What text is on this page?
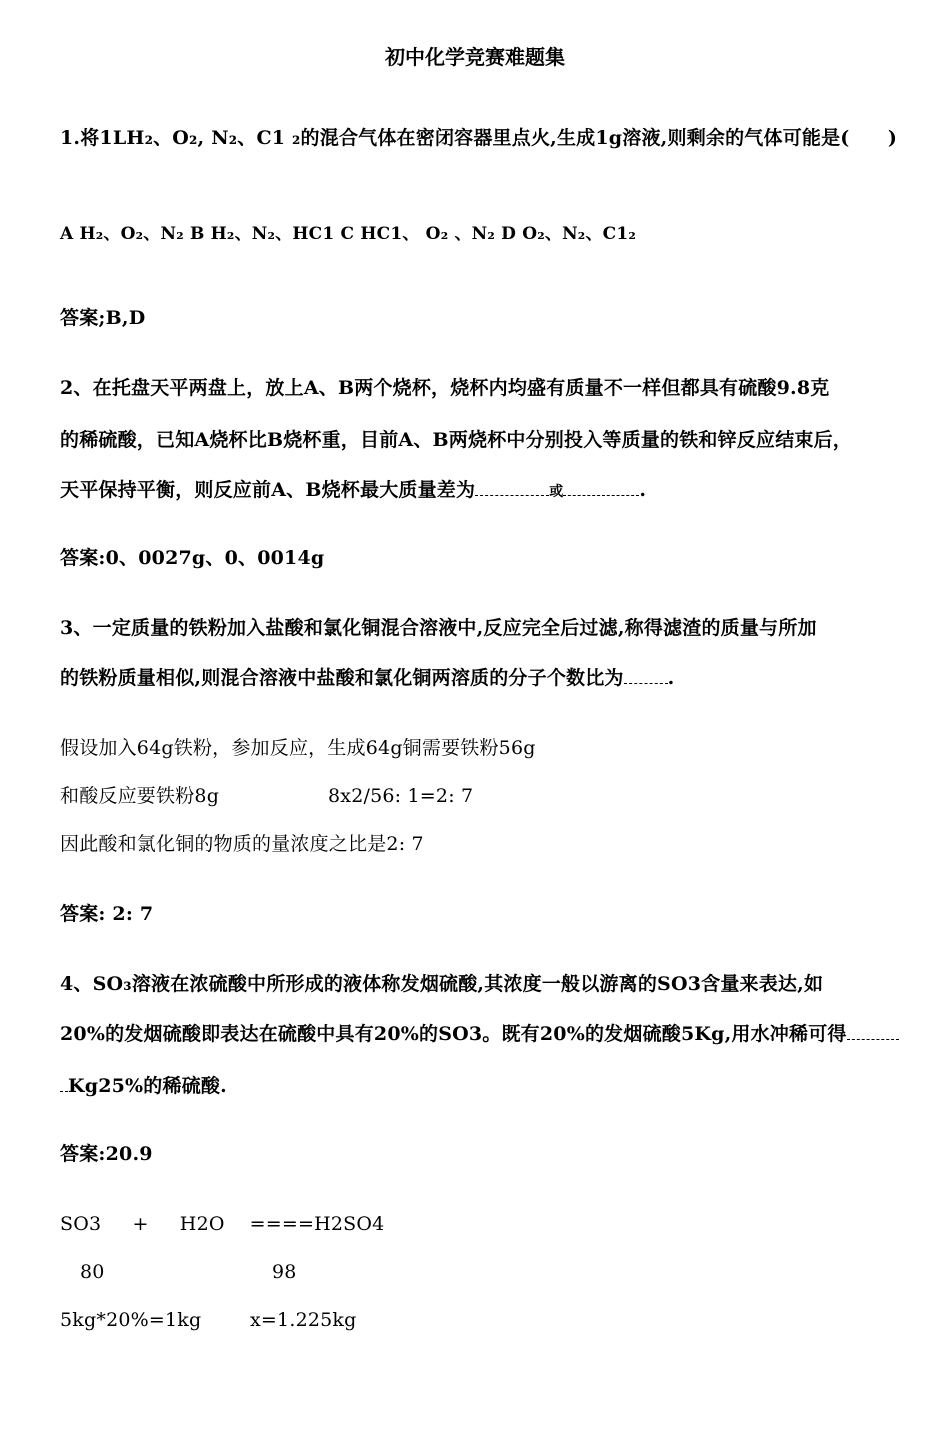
初中化学竞赛难题集
1.将1LH₂、O₂, N₂、C1 ₂的混合气体在密闭容器里点火,生成1g溶液,则剩余的气体可能是(　　)
A H₂、O₂、N₂ B H₂、N₂、HC1 C HC1、 O₂ 、N₂ D O₂、N₂、C1₂
答案;B,D
2、在托盘天平两盘上，放上A、B两个烧杯，烧杯内均盛有质量不一样但都具有硫酸9.8克
的稀硫酸，已知A烧杯比B烧杯重，目前A、B两烧杯中分别投入等质量的铁和锌反应结束后，
天平保持平衡，则反应前A、B烧杯最大质量差为	或	.
答案:0、0027g、0、0014g
3、一定质量的铁粉加入盐酸和氯化铜混合溶液中,反应完全后过滤,称得滤渣的质量与所加
的铁粉质量相似,则混合溶液中盐酸和氯化铜两溶质的分子个数比为 .
假设加入64g铁粉，参加反应，生成64g铜需要铁粉56g
和酸反应要铁粉8g	8x2/56: 1=2: 7
因此酸和氯化铜的物质的量浓度之比是2: 7
答案: 2: 7
4、SO₃溶液在浓硫酸中所形成的液体称发烟硫酸,其浓度一般以游离的SO3含量来表达,如
20%的发烟硫酸即表达在硫酸中具有20%的SO3。既有20%的发烟硫酸5Kg,用水冲稀可得
Kg25%的稀硫酸.
答案:20.9
SO3     +     H2O    ====H2SO4
80	98
5kg*20%=1kg	x=1.225kg
